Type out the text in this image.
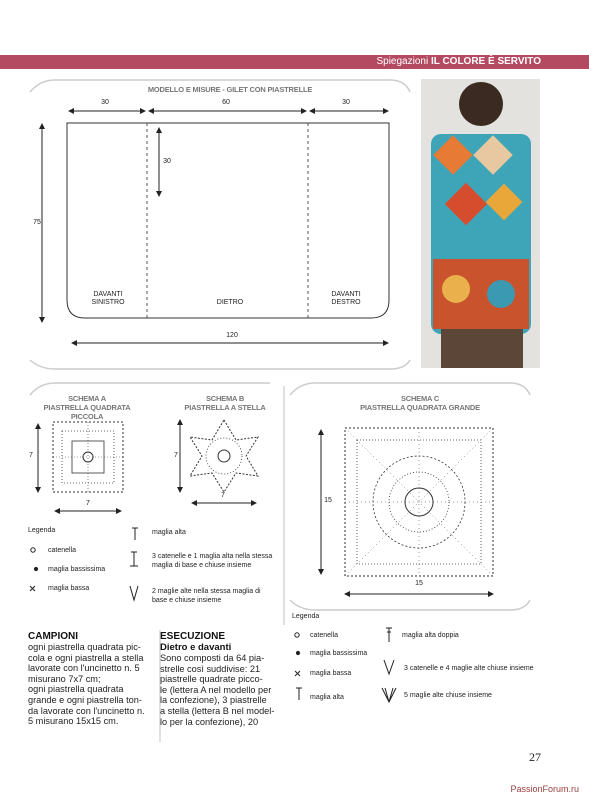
Spiegazioni IL COLORE È SERVITO
MODELLO E MISURE - GILET CON PIASTRELLE
30	60	30
30
75
120
DAVANTI
SINISTRO	DIETRO
DAVANTI
DESTRO
SCHEMA A
PIASTRELLA QUADRATA PICCOLA
SCHEMA B
PIASTRELLA A STELLA
SCHEMA C
PIASTRELLA QUADRATA GRANDE
7
7
7
7
15
15
Legenda
catenella
maglia bassissima
maglia bassa
maglia alta
3 catenelle e 1 maglia alta nella stessa maglia di base e chiuse insieme
2 maglie alte nella stessa maglia di base e chiuse insieme
Legenda
catenella
maglia bassissima
maglia bassa
maglia alta
maglia alta doppia
3 catenelle e 4 maglie alte chiuse insieme
5 maglie alte chiuse insieme
CAMPIONI
ogni piastrella quadrata pic-
cola e ogni piastrella a stella
lavorate con l'uncinetto n. 5
misurano 7x7 cm;
ogni piastrella quadrata
grande e ogni piastrella ton-
da lavorate con l'uncinetto n.
5 misurano 15x15 cm.
ESECUZIONE
Dietro e davanti
Sono composti da 64 pia-
strelle così suddivise: 21
piastrelle quadrate picco-
le (lettera A nel modello per
la confezione), 3 piastrelle
a stella (lettera B nel model-
lo per la confezione), 20
27
PassionForum.ru
